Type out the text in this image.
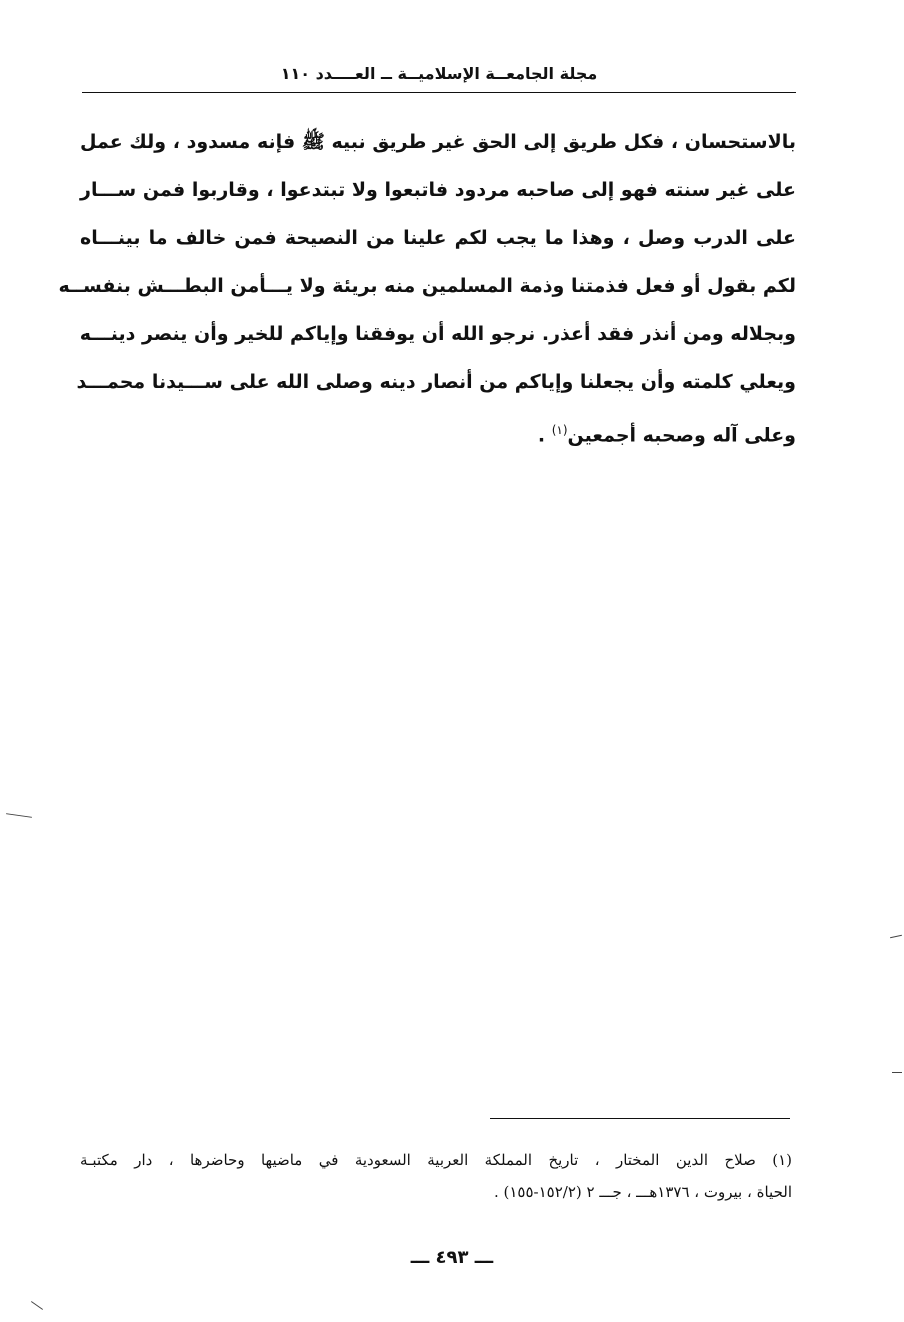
مجلة الجامعــة الإسلاميــة ــ العــــدد ١١٠
بالاستحسان ، فكل طريق إلى الحق غير طريق نبيه ﷺ فإنه مسدود ، ولك عمل
على غير سنته فهو إلى صاحبه مردود فاتبعوا ولا تبتدعوا ، وقاربوا فمن ســـار
على الدرب وصل ، وهذا ما يجب لكم علينا من النصيحة فمن خالف ما بينـــاه
لكم بقول أو فعل فذمتنا وذمة المسلمين منه بريئة ولا يـــأمن البطـــش بنفســه
وبجلاله ومن أنذر فقد أعذر. نرجو الله أن يوفقنا وإياكم للخير وأن ينصر دينـــه
ويعلي كلمته وأن يجعلنا وإياكم من أنصار دينه وصلى الله على ســـيدنا محمـــد
وعلى آله وصحبه أجمعين$^{(١)}$ .
(١) صلاح الدين المختار ، تاريخ المملكة العربية السعودية في ماضيها وحاضرها ، دار مكتبـة
الحياة ، بيروت ، ١٣٧٦هـــ ، جـــ ٢ (١٥٢/٢-١٥٥) .
ـــ ٤٩٣ ـــ
